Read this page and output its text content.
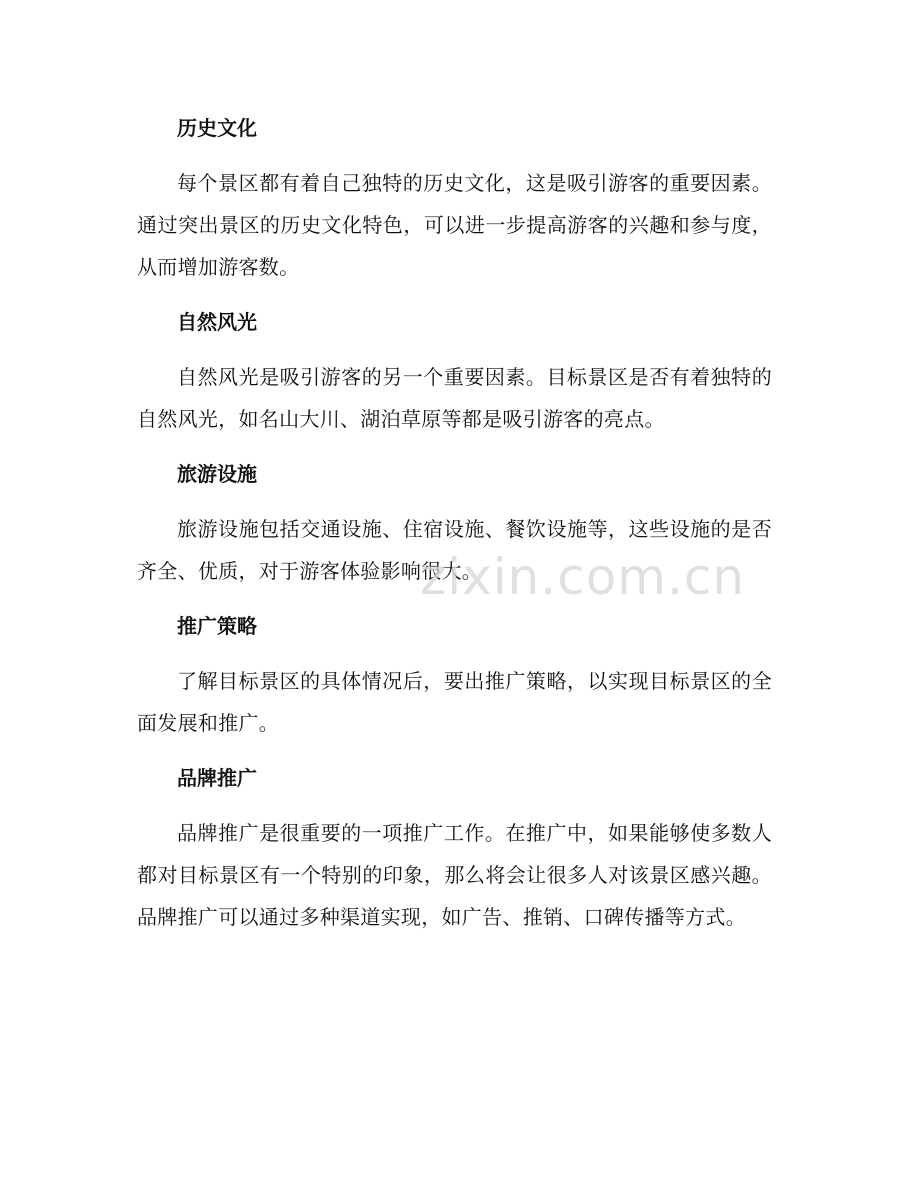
历史文化

每个景区都有着自己独特的历史文化，这是吸引游客的重要因素。通过突出景区的历史文化特色，可以进一步提高游客的兴趣和参与度，从而增加游客数。

自然风光

自然风光是吸引游客的另一个重要因素。目标景区是否有着独特的自然风光，如名山大川、湖泊草原等都是吸引游客的亮点。

旅游设施

旅游设施包括交通设施、住宿设施、餐饮设施等，这些设施的是否齐全、优质，对于游客体验影响很大。

推广策略

了解目标景区的具体情况后，要出推广策略，以实现目标景区的全面发展和推广。

品牌推广

品牌推广是很重要的一项推广工作。在推广中，如果能够使多数人都对目标景区有一个特别的印象，那么将会让很多人对该景区感兴趣。品牌推广可以通过多种渠道实现，如广告、推销、口碑传播等方式。

zixin.com.cn
